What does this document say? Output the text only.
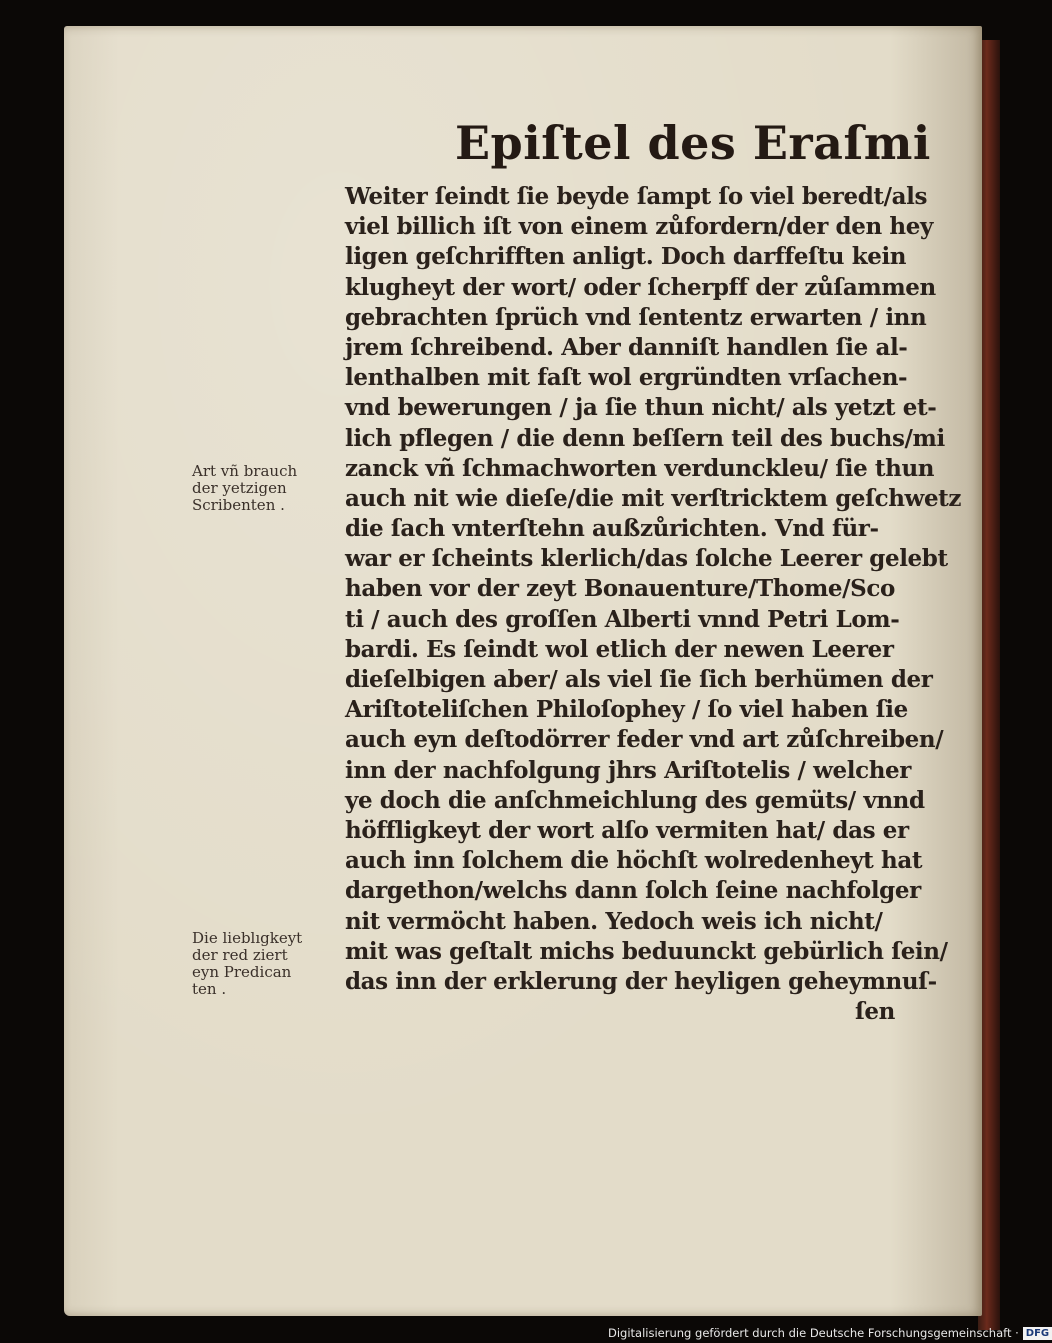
Epiſtel des Eraſmi
Weiter ſeindt ſie beyde ſampt ſo viel beredt/als
viel billich iſt von einem zůfordern/der den hey
ligen geſchrifften anligt. Doch darffeſtu kein
klugheyt der wort/ oder ſcherpff der zůſammen
gebrachten ſprüch vnd ſententz erwarten / inn
jrem ſchreibend. Aber danniſt handlen ſie al-
lenthalben mit faſt wol ergründten vrſachen-
vnd bewerungen / ja ſie thun nicht/ als yetzt et-
lich pflegen / die denn beſſern teil des buchs/mi
zanck vñ ſchmachworten verdunckleu/ ſie thun
auch nit wie dieſe/die mit verſtricktem geſchwetz
die ſach vnterſtehn außzůrichten. Vnd für-
war er ſcheints klerlich/das ſolche Leerer gelebt
haben vor der zeyt Bonauenture/Thome/Sco
ti / auch des groſſen Alberti vnnd Petri Lom-
bardi. Es ſeindt wol etlich der newen Leerer
dieſelbigen aber/ als viel ſie ſich berhümen der
Ariſtoteliſchen Philoſophey / ſo viel haben ſie
auch eyn deſtodörrer feder vnd art zůſchreiben/
inn der nachfolgung jhrs Ariſtotelis / welcher
ye doch die anſchmeichlung des gemüts/ vnnd
höffligkeyt der wort alſo vermiten hat/ das er
auch inn ſolchem die höchſt wolredenheyt hat
dargethon/welchs dann ſolch ſeine nachfolger
nit vermöcht haben. Yedoch weis ich nicht/
mit was geſtalt michs beduunckt gebürlich ſein/
das inn der erklerung der heyligen geheymnuſ-
ſen
Art vñ brauch
der yetzigen
Scribenten .
Die lieblıgkeyt
der red ziert
eyn Predican
ten .
Digitalisierung gefördert durch die Deutsche Forschungsgemeinschaft · DFG
